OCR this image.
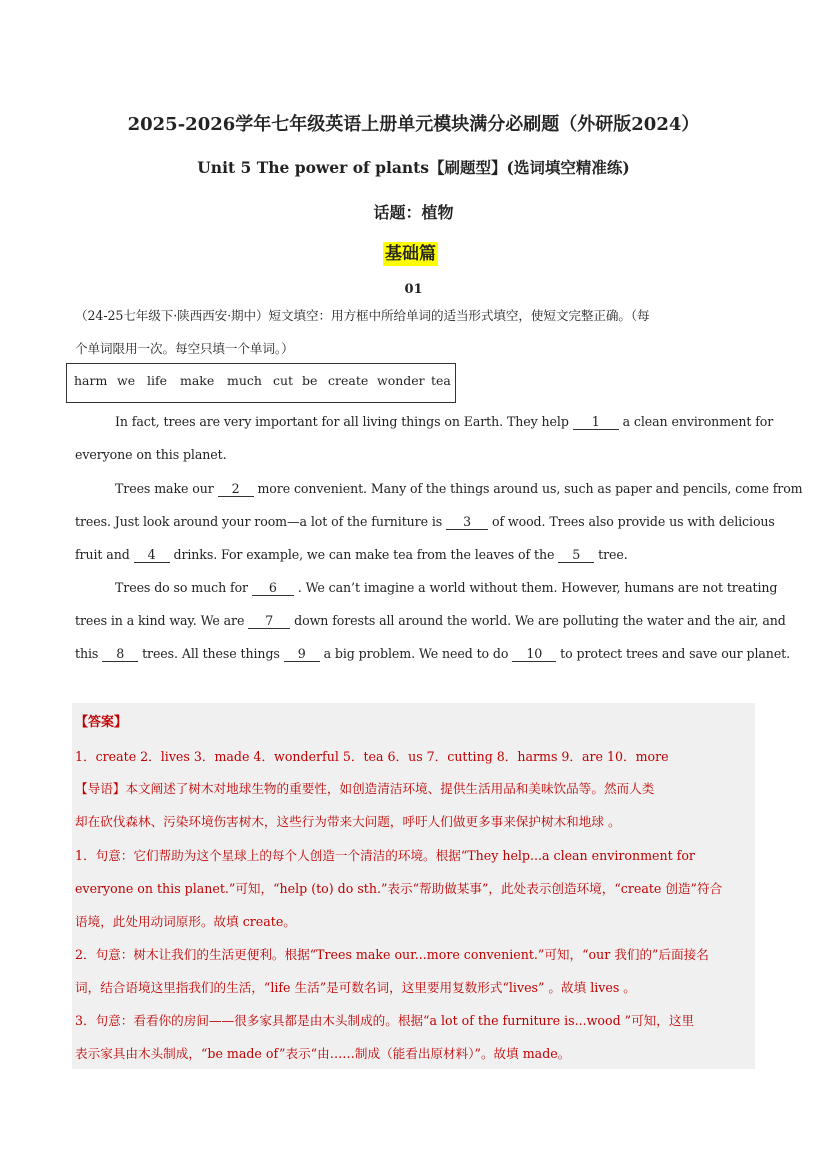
2025-2026学年七年级英语上册单元模块满分必刷题（外研版2024）
Unit 5 The power of plants【刷题型】(选词填空精准练)
话题：植物
基础篇
01
（24-25七年级下·陕西西安·期中）短文填空：用方框中所给单词的适当形式填空，使短文完整正确。（每
个单词限用一次。每空只填一个单词。）
harm we life make much cut be create wonder tea
In fact, trees are very important for all living things on Earth. They help 1 a clean environment for
everyone on this planet.
Trees make our 2 more convenient. Many of the things around us, such as paper and pencils, come from
trees. Just look around your room—a lot of the furniture is 3 of wood. Trees also provide us with delicious
fruit and 4 drinks. For example, we can make tea from the leaves of the 5 tree.
Trees do so much for 6 . We can’t imagine a world without them. However, humans are not treating
trees in a kind way. We are 7 down forests all around the world. We are polluting the water and the air, and
this 8 trees. All these things 9 a big problem. We need to do 10 to protect trees and save our planet.
【答案】
1．create 2．lives 3．made 4．wonderful 5．tea 6．us 7．cutting 8．harms 9．are 10．more
【导语】本文阐述了树木对地球生物的重要性，如创造清洁环境、提供生活用品和美味饮品等。然而人类
却在砍伐森林、污染环境伤害树木，这些行为带来大问题，呼吁人们做更多事来保护树木和地球 。
1．句意：它们帮助为这个星球上的每个人创造一个清洁的环境。根据“They help...a clean environment for
everyone on this planet.”可知，“help (to) do sth.”表示“帮助做某事”，此处表示创造环境，“create 创造”符合
语境，此处用动词原形。故填 create。
2．句意：树木让我们的生活更便利。根据“Trees make our...more convenient.”可知，“our 我们的”后面接名
词，结合语境这里指我们的生活，“life 生活”是可数名词，这里要用复数形式“lives” 。故填 lives 。
3．句意：看看你的房间——很多家具都是由木头制成的。根据“a lot of the furniture is...wood ”可知，这里
表示家具由木头制成，“be made of”表示“由……制成（能看出原材料）”。故填 made。
